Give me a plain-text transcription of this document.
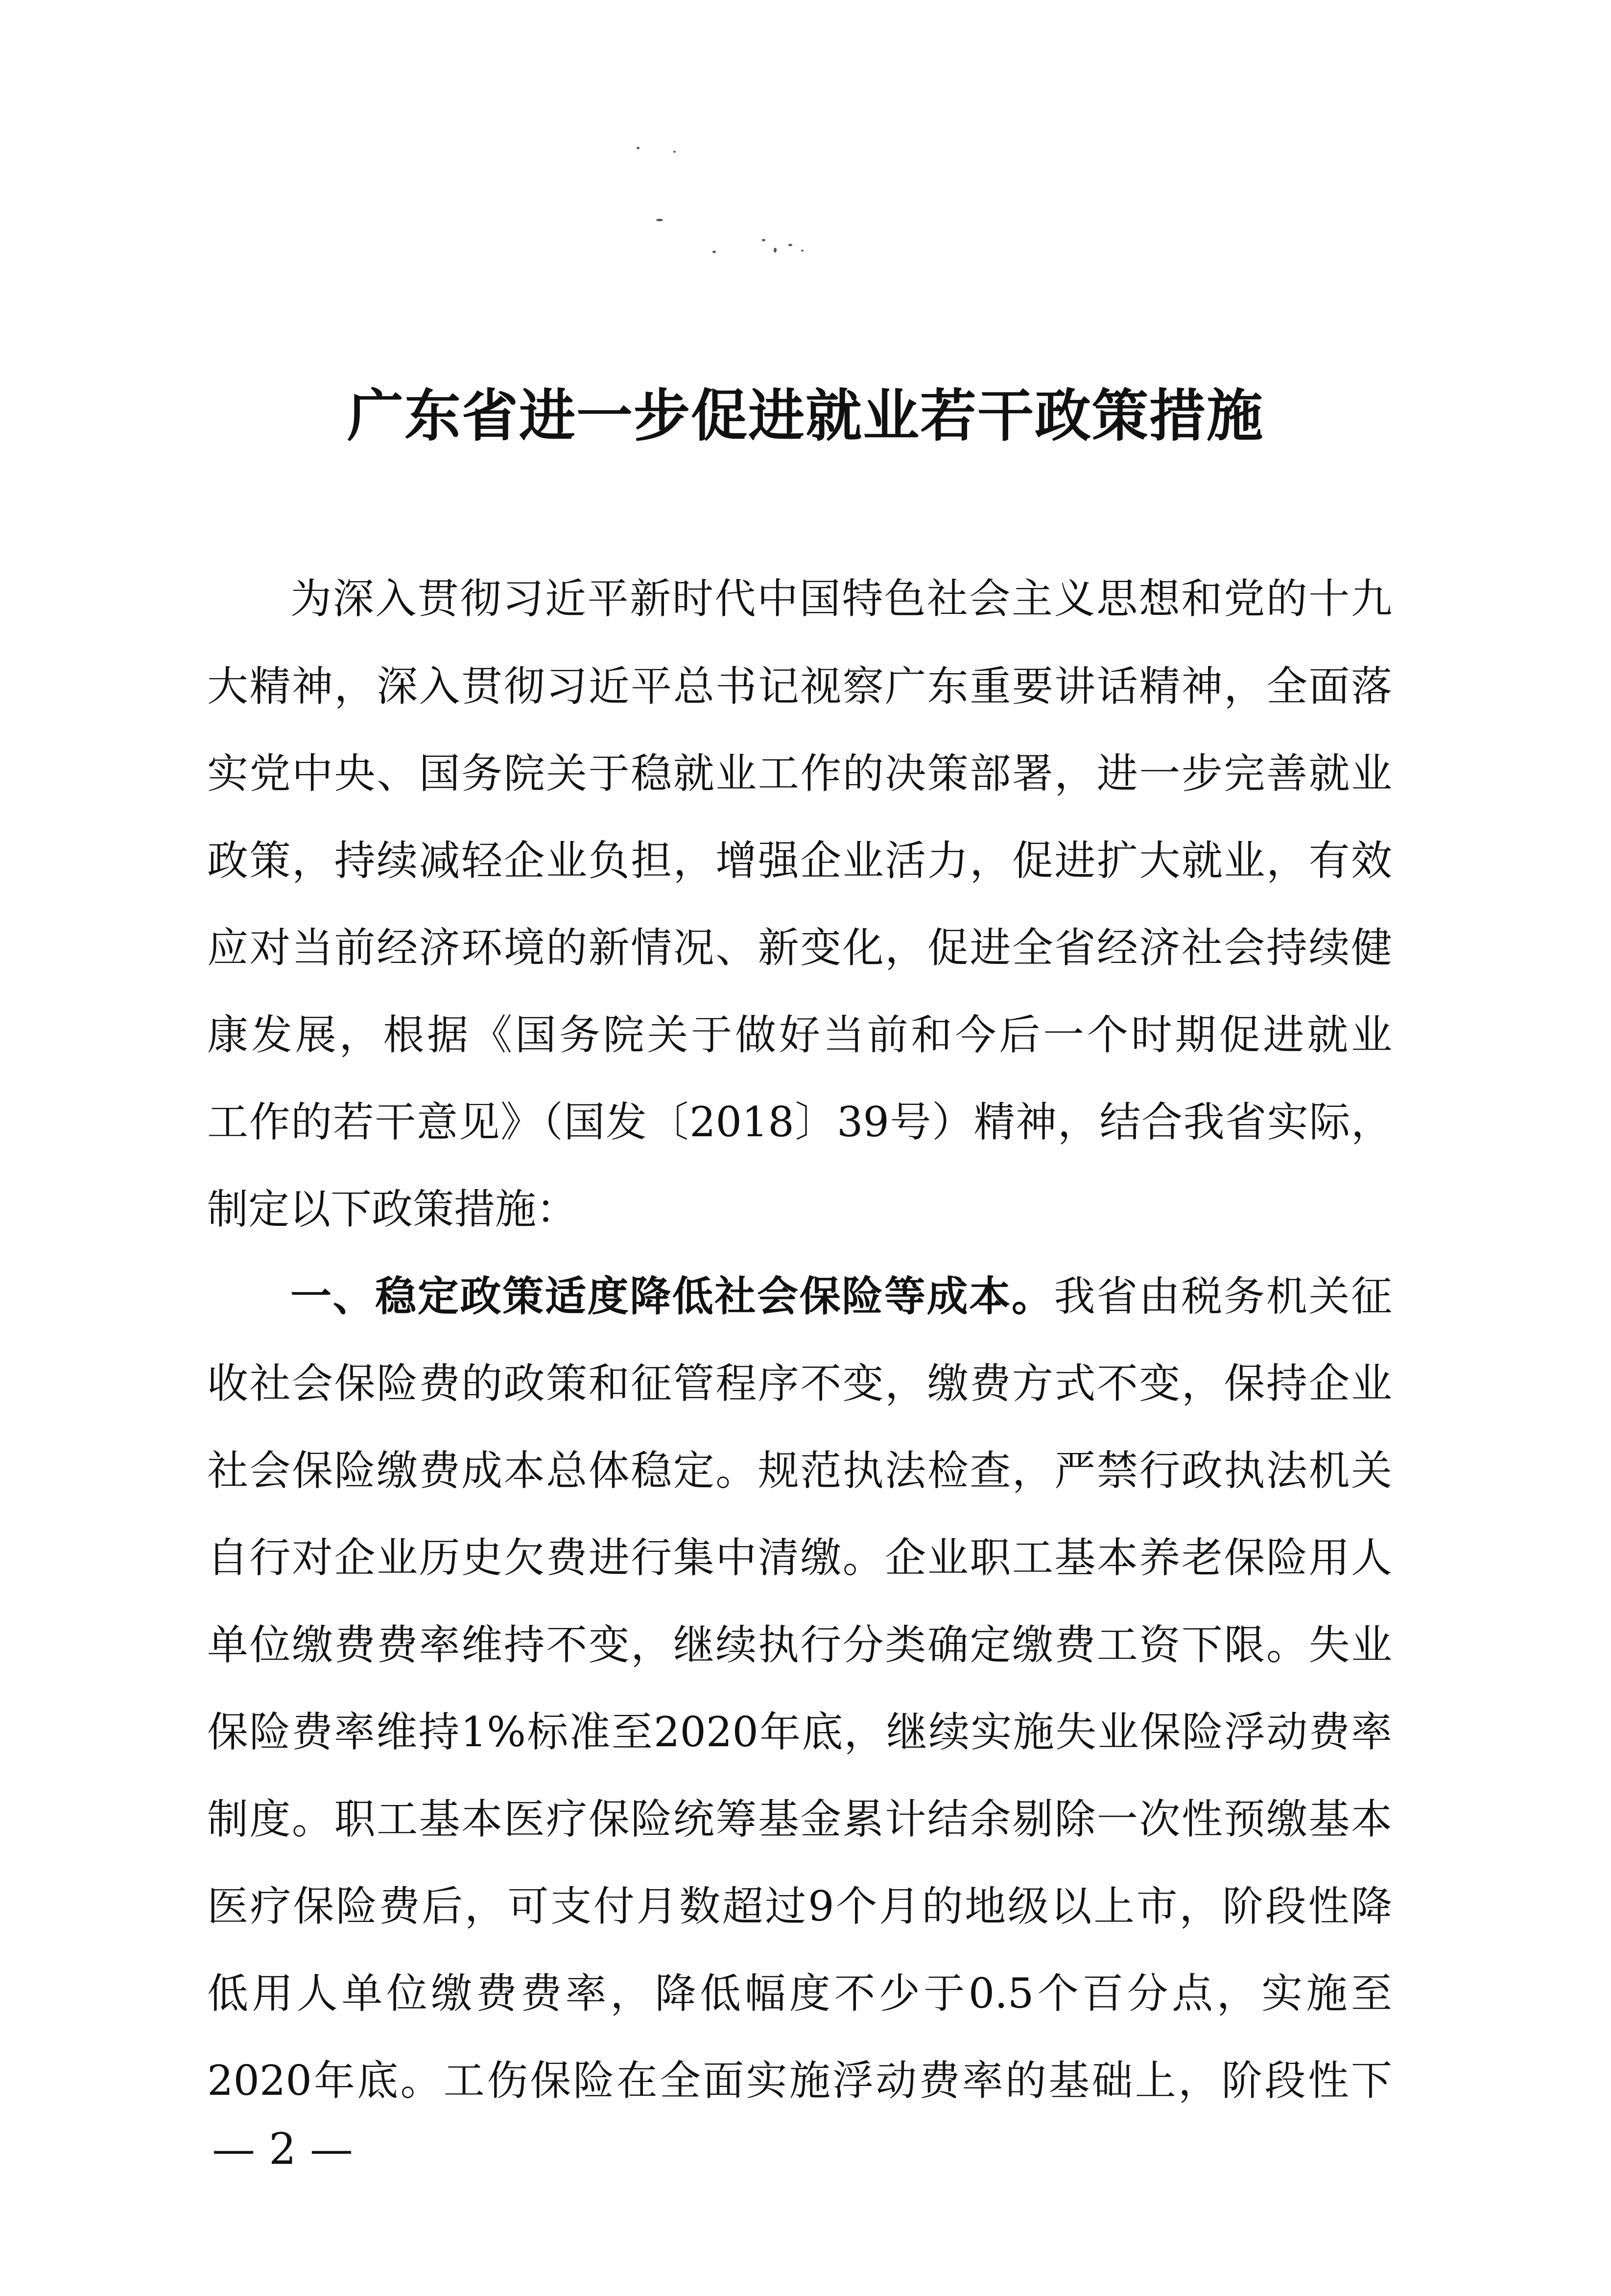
广东省进一步促进就业若干政策措施
为深入贯彻习近平新时代中国特色社会主义思想和党的十九
大精神，深入贯彻习近平总书记视察广东重要讲话精神，全面落
实党中央、国务院关于稳就业工作的决策部署，进一步完善就业
政策，持续减轻企业负担，增强企业活力，促进扩大就业，有效
应对当前经济环境的新情况、新变化，促进全省经济社会持续健
康发展，根据《国务院关于做好当前和今后一个时期促进就业
工作的若干意见》（国发〔2018〕39号）精神，结合我省实际，
制定以下政策措施：
一、稳定政策适度降低社会保险等成本。我省由税务机关征
收社会保险费的政策和征管程序不变，缴费方式不变，保持企业
社会保险缴费成本总体稳定。规范执法检查，严禁行政执法机关
自行对企业历史欠费进行集中清缴。企业职工基本养老保险用人
单位缴费费率维持不变，继续执行分类确定缴费工资下限。失业
保险费率维持1%标准至2020年底，继续实施失业保险浮动费率
制度。职工基本医疗保险统筹基金累计结余剔除一次性预缴基本
医疗保险费后，可支付月数超过9个月的地级以上市，阶段性降
低用人单位缴费费率，降低幅度不少于0.5个百分点，实施至
2020年底。工伤保险在全面实施浮动费率的基础上，阶段性下
— 2 —
